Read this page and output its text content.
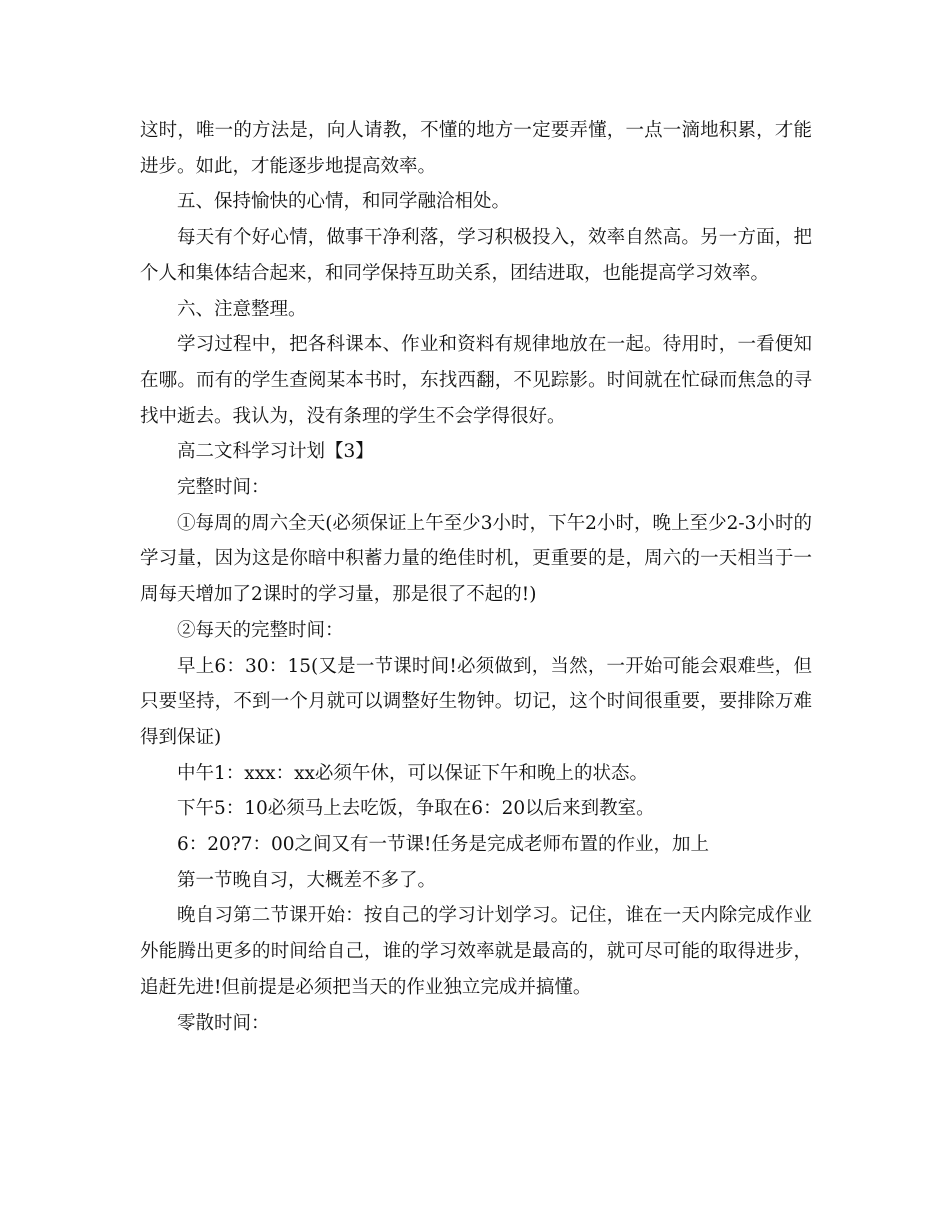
这时，唯一的方法是，向人请教，不懂的地方一定要弄懂，一点一滴地积累，才能进步。如此，才能逐步地提高效率。

五、保持愉快的心情，和同学融洽相处。

每天有个好心情，做事干净利落，学习积极投入，效率自然高。另一方面，把个人和集体结合起来，和同学保持互助关系，团结进取，也能提高学习效率。

六、注意整理。

学习过程中，把各科课本、作业和资料有规律地放在一起。待用时，一看便知在哪。而有的学生查阅某本书时，东找西翻，不见踪影。时间就在忙碌而焦急的寻找中逝去。我认为，没有条理的学生不会学得很好。

高二文科学习计划【3】

完整时间：

①每周的周六全天(必须保证上午至少3小时，下午2小时，晚上至少2-3小时的学习量，因为这是你暗中积蓄力量的绝佳时机，更重要的是，周六的一天相当于一周每天增加了2课时的学习量，那是很了不起的!)

②每天的完整时间：

早上6：30：15(又是一节课时间!必须做到，当然，一开始可能会艰难些，但只要坚持，不到一个月就可以调整好生物钟。切记，这个时间很重要，要排除万难得到保证)

中午1：xxx：xx必须午休，可以保证下午和晚上的状态。

下午5：10必须马上去吃饭，争取在6：20以后来到教室。

6：20?7：00之间又有一节课!任务是完成老师布置的作业，加上

第一节晚自习，大概差不多了。

晚自习第二节课开始：按自己的学习计划学习。记住，谁在一天内除完成作业外能腾出更多的时间给自己，谁的学习效率就是最高的，就可尽可能的取得进步，追赶先进!但前提是必须把当天的作业独立完成并搞懂。

零散时间：
